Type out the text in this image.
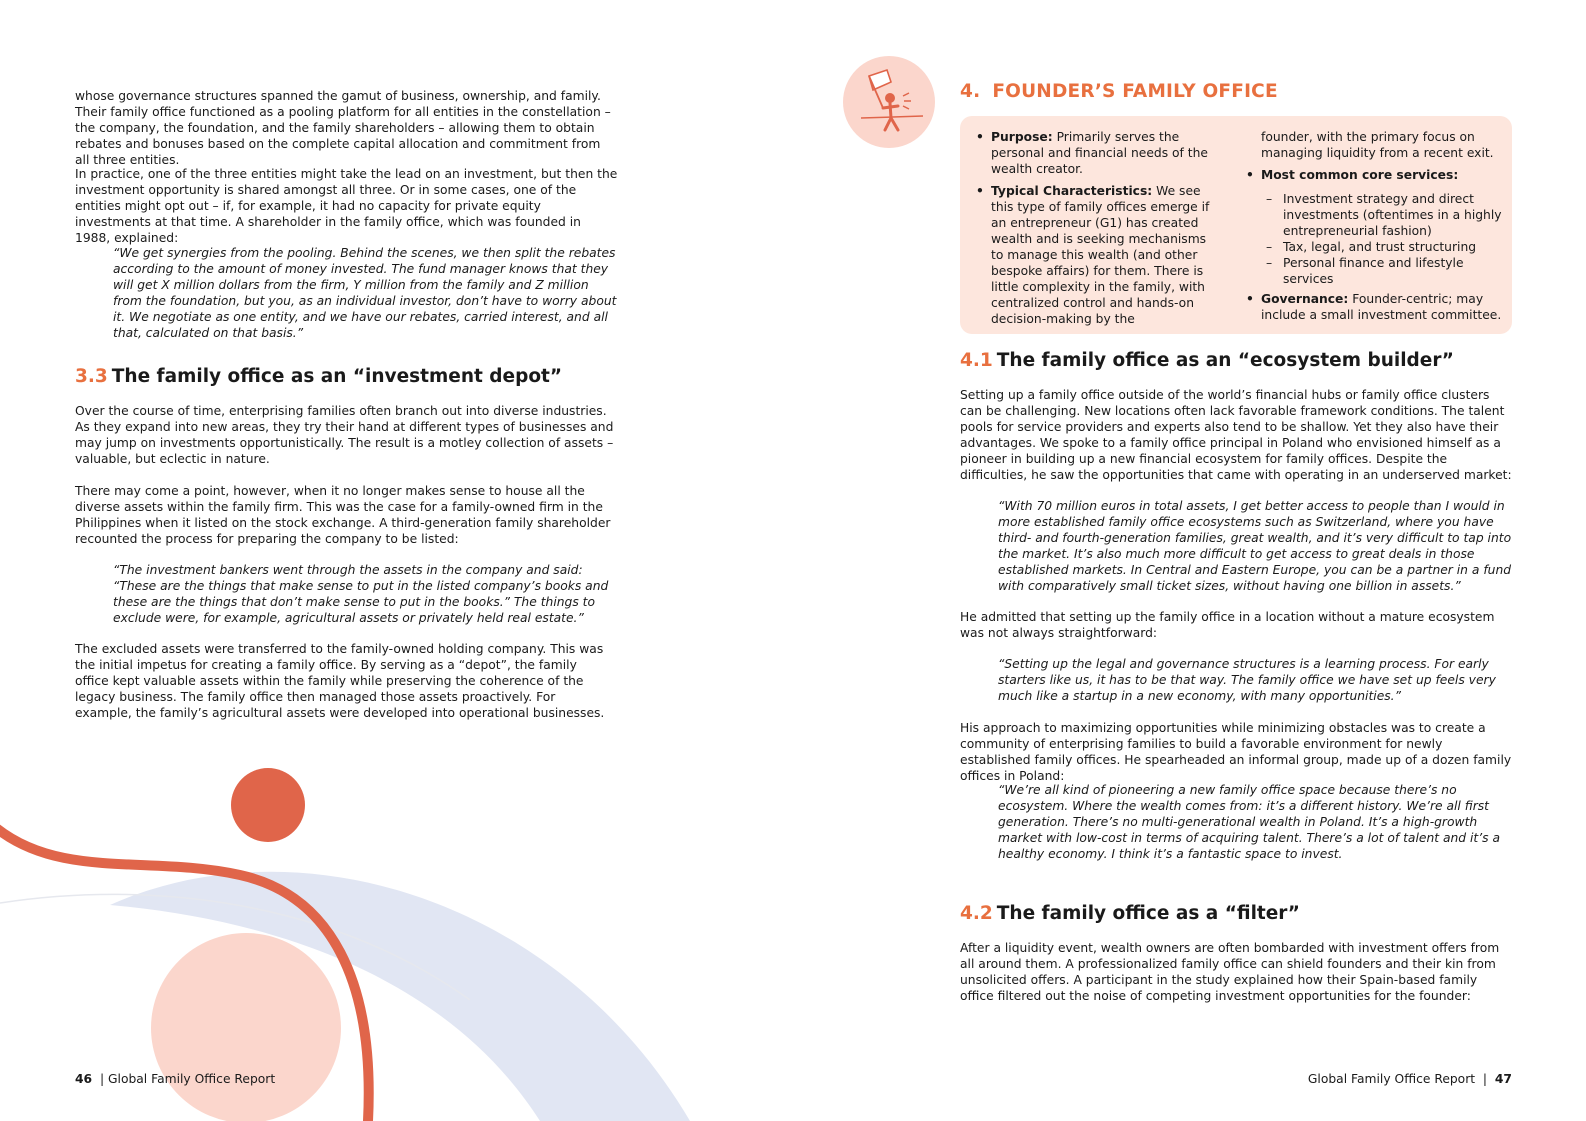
whose governance structures spanned the gamut of business, ownership, and family. Their family office functioned as a pooling platform for all entities in the constellation – the company, the foundation, and the family shareholders – allowing them to obtain rebates and bonuses based on the complete capital allocation and commitment from all three entities.

In practice, one of the three entities might take the lead on an investment, but then the investment opportunity is shared amongst all three. Or in some cases, one of the entities might opt out – if, for example, it had no capacity for private equity investments at that time. A shareholder in the family office, which was founded in 1988, explained:

“We get synergies from the pooling. Behind the scenes, we then split the rebates according to the amount of money invested. The fund manager knows that they will get X million dollars from the firm, Y million from the family and Z million from the foundation, but you, as an individual investor, don’t have to worry about it. We negotiate as one entity, and we have our rebates, carried interest, and all that, calculated on that basis.”

3.3 The family office as an “investment depot”

Over the course of time, enterprising families often branch out into diverse industries. As they expand into new areas, they try their hand at different types of businesses and may jump on investments opportunistically. The result is a motley collection of assets – valuable, but eclectic in nature.

There may come a point, however, when it no longer makes sense to house all the diverse assets within the family firm. This was the case for a family-owned firm in the Philippines when it listed on the stock exchange. A third-generation family shareholder recounted the process for preparing the company to be listed:

“The investment bankers went through the assets in the company and said: “These are the things that make sense to put in the listed company’s books and these are the things that don’t make sense to put in the books.” The things to exclude were, for example, agricultural assets or privately held real estate.”

The excluded assets were transferred to the family-owned holding company. This was the initial impetus for creating a family office. By serving as a “depot”, the family office kept valuable assets within the family while preserving the coherence of the legacy business. The family office then managed those assets proactively. For example, the family’s agricultural assets were developed into operational businesses.

46  | Global Family Office Report
4. FOUNDER’S FAMILY OFFICE
• Purpose: Primarily serves the personal and financial needs of the wealth creator.
• Typical Characteristics: We see this type of family offices emerge if an entrepreneur (G1) has created wealth and is seeking mechanisms to manage this wealth (and other bespoke affairs) for them. There is little complexity in the family, with centralized control and hands-on decision-making by the

founder, with the primary focus on managing liquidity from a recent exit.

• Most common core services:
– Investment strategy and direct investments (oftentimes in a highly entrepreneurial fashion)
– Tax, legal, and trust structuring
– Personal finance and lifestyle services
• Governance: Founder-centric; may include a small investment committee.
4.1 The family office as an “ecosystem builder”

Setting up a family office outside of the world’s financial hubs or family office clusters can be challenging. New locations often lack favorable framework conditions. The talent pools for service providers and experts also tend to be shallow. Yet they also have their advantages. We spoke to a family office principal in Poland who envisioned himself as a pioneer in building up a new financial ecosystem for family offices. Despite the difficulties, he saw the opportunities that came with operating in an underserved market:

“With 70 million euros in total assets, I get better access to people than I would in more established family office ecosystems such as Switzerland, where you have third- and fourth-generation families, great wealth, and it’s very difficult to tap into the market. It’s also much more difficult to get access to great deals in those established markets. In Central and Eastern Europe, you can be a partner in a fund with comparatively small ticket sizes, without having one billion in assets.”

He admitted that setting up the family office in a location without a mature ecosystem was not always straightforward:

“Setting up the legal and governance structures is a learning process. For early starters like us, it has to be that way. The family office we have set up feels very much like a startup in a new economy, with many opportunities.”

His approach to maximizing opportunities while minimizing obstacles was to create a community of enterprising families to build a favorable environment for newly established family offices. He spearheaded an informal group, made up of a dozen family offices in Poland:

“We’re all kind of pioneering a new family office space because there’s no ecosystem. Where the wealth comes from: it’s a different history. We’re all first generation. There’s no multi-generational wealth in Poland. It’s a high-growth market with low-cost in terms of acquiring talent. There’s a lot of talent and it’s a healthy economy. I think it’s a fantastic space to invest.

4.2 The family office as a “filter”

After a liquidity event, wealth owners are often bombarded with investment offers from all around them. A professionalized family office can shield founders and their kin from unsolicited offers. A participant in the study explained how their Spain-based family office filtered out the noise of competing investment opportunities for the founder:

Global Family Office Report  |  47
